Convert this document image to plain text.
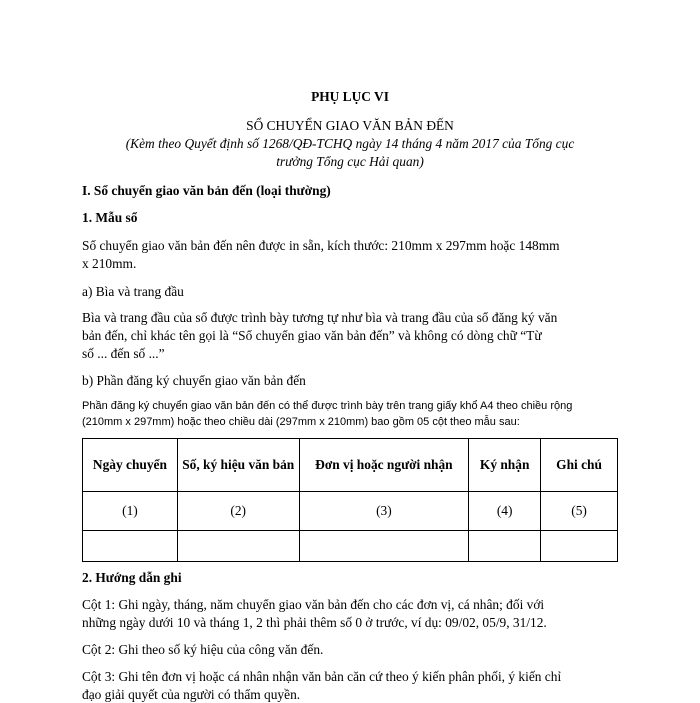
PHỤ LỤC VI

SỔ CHUYỂN GIAO VĂN BẢN ĐẾN

(Kèm theo Quyết định số 1268/QĐ-TCHQ ngày 14 tháng 4 năm 2017 của Tổng cục

trưởng Tổng cục Hải quan)

I. Sổ chuyển giao văn bản đến (loại thường)

1. Mẫu sổ

Sổ chuyển giao văn bản đến nên được in sẵn, kích thước: 210mm x 297mm hoặc 148mm

x 210mm.

a) Bìa và trang đầu

Bìa và trang đầu của sổ được trình bày tương tự như bìa và trang đầu của sổ đăng ký văn

bản đến, chỉ khác tên gọi là “Sổ chuyển giao văn bản đến” và không có dòng chữ “Từ

số ... đến số ...”

b) Phần đăng ký chuyển giao văn bản đến

Phần đăng ký chuyển giao văn bản đến có thể được trình bày trên trang giấy khổ A4 theo chiều rộng

(210mm x 297mm) hoặc theo chiều dài (297mm x 210mm) bao gồm 05 cột theo mẫu sau:

Ngày chuyển	Số, ký hiệu văn bản	Đơn vị hoặc người nhận	Ký nhận	Ghi chú
(1)	(2)	(3)	(4)	(5)

2. Hướng dẫn ghi

Cột 1: Ghi ngày, tháng, năm chuyển giao văn bản đến cho các đơn vị, cá nhân; đối với

những ngày dưới 10 và tháng 1, 2 thì phải thêm số 0 ở trước, ví dụ: 09/02, 05/9, 31/12.

Cột 2: Ghi theo số ký hiệu của công văn đến.

Cột 3: Ghi tên đơn vị hoặc cá nhân nhận văn bản căn cứ theo ý kiến phân phối, ý kiến chỉ

đạo giải quyết của người có thẩm quyền.
